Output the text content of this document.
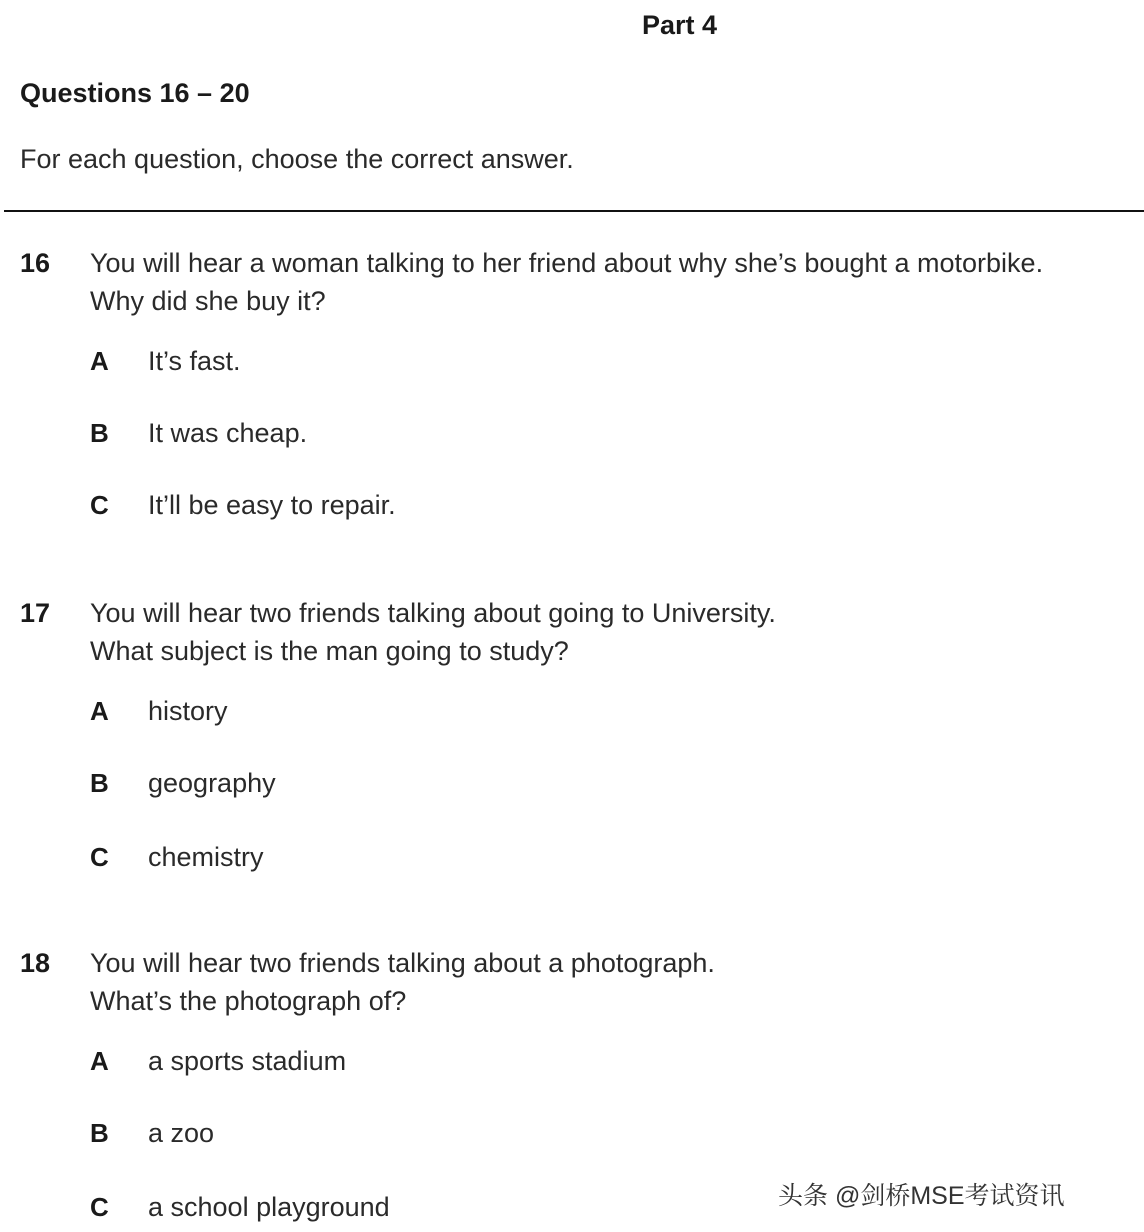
Part 4
Questions 16 – 20
For each question, choose the correct answer.
16 You will hear a woman talking to her friend about why she’s bought a motorbike.
Why did she buy it?
A It’s fast.
B It was cheap.
C It’ll be easy to repair.
17 You will hear two friends talking about going to University.
What subject is the man going to study?
A history
B geography
C chemistry
18 You will hear two friends talking about a photograph.
What’s the photograph of?
A a sports stadium
B a zoo
C a school playground	头条 @剑桥MSE考试资讯
